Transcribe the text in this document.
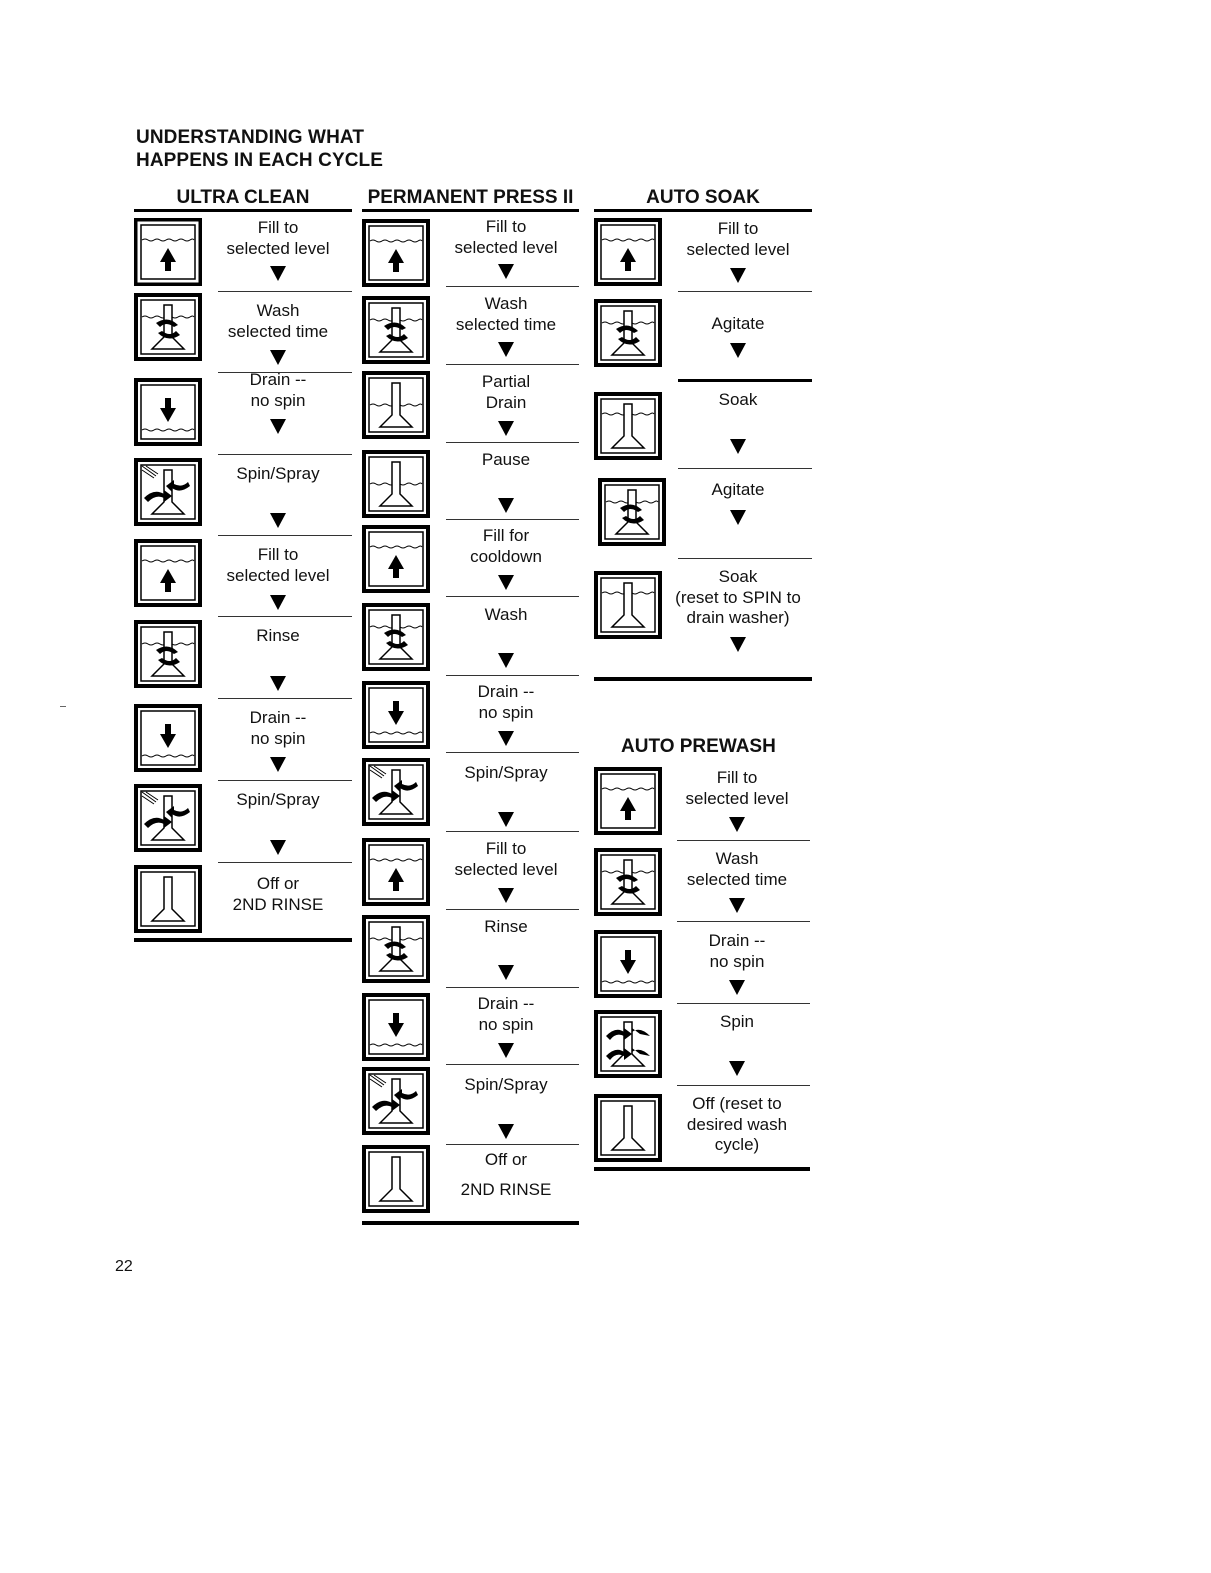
UNDERSTANDING WHAT
HAPPENS IN EACH CYCLE
ULTRA CLEAN
Fill to
selected level
Wash
selected time
Drain --
no spin
Spin/Spray
Fill to
selected level
Rinse
Drain --
no spin
Spin/Spray
Off or
2ND RINSE
PERMANENT PRESS II
Fill to
selected level
Wash
selected time
Partial
Drain
Pause
Fill for
cooldown
Wash
Drain --
no spin
Spin/Spray
Fill to
selected level
Rinse
Drain --
no spin
Spin/Spray
Off or

2ND RINSE
AUTO SOAK
Fill to
selected level
Agitate
Soak
Agitate
Soak
(reset to SPIN to
drain washer)
AUTO PREWASH
Fill to
selected level
Wash
selected time
Drain --
no spin
Spin
Off (reset to
desired wash
cycle)
22
